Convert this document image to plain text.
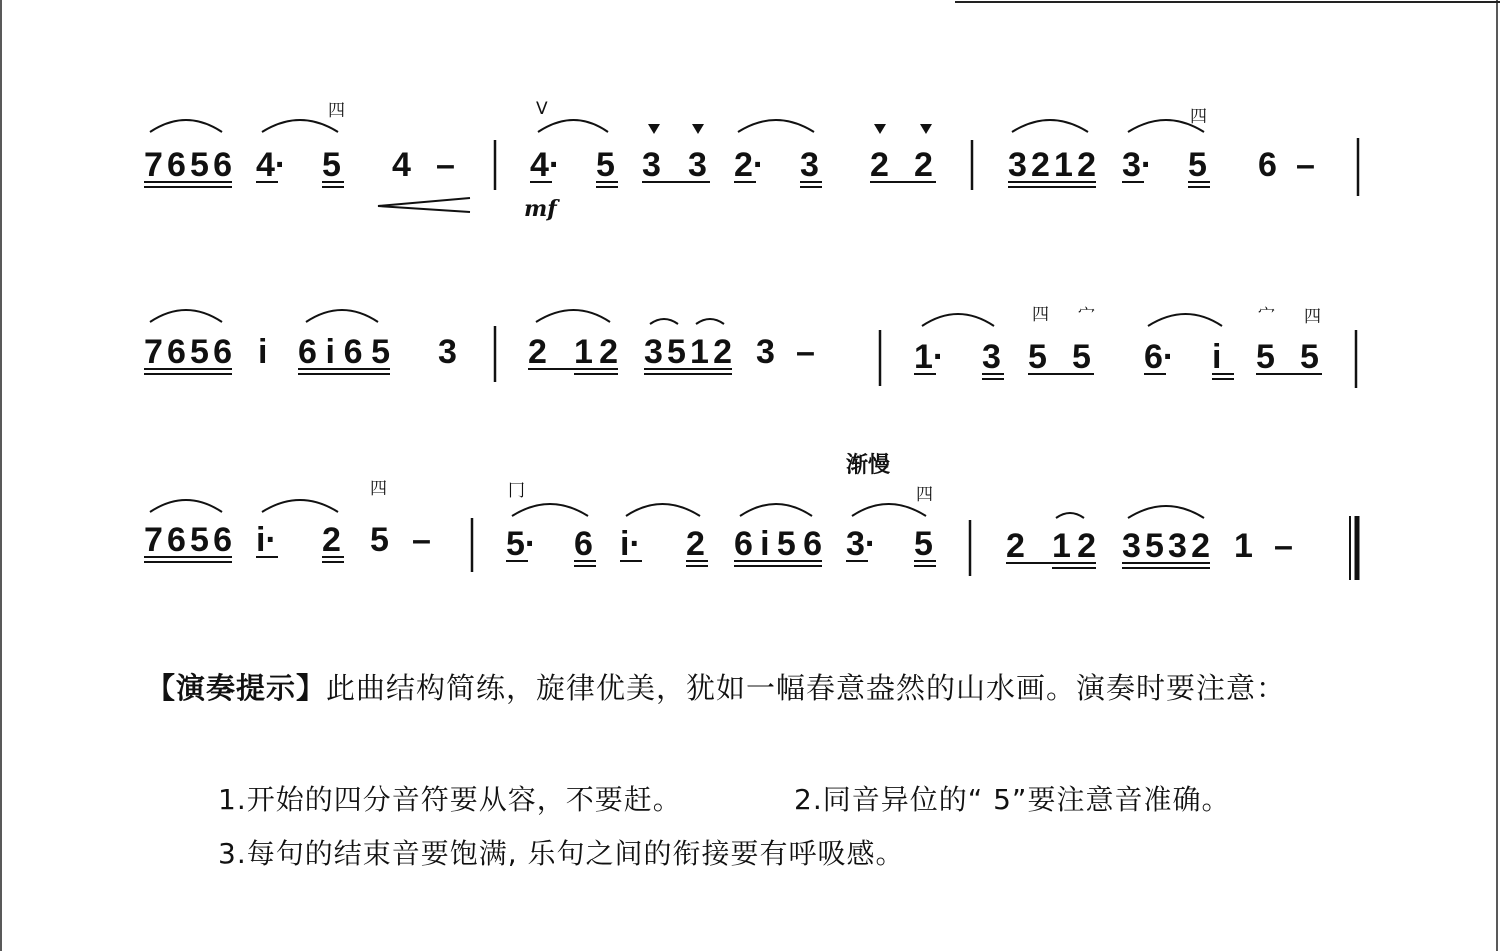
四	四
V
7656 4· 5 4 – 4· 5 3 3 2· 3 2 2 3212 3· 5 6 –
mf
四 宀	宀 四
7656 i 6i65 3 2 12 3512 3 –	1· 3 5 5 6· i 5 5
渐慢
四	冂	四
7656 i· 2 5 – 5· 6 i· 2 6i56 3· 5 2 12 3532 1 –
【演奏提示】此曲结构简练，旋律优美，犹如一幅春意盎然的山水画。演奏时要注意：
1.开始的四分音符要从容，不要赶。	2.同音异位的“ 5”要注意音准确。
3.每句的结束音要饱满, 乐句之间的衔接要有呼吸感。
